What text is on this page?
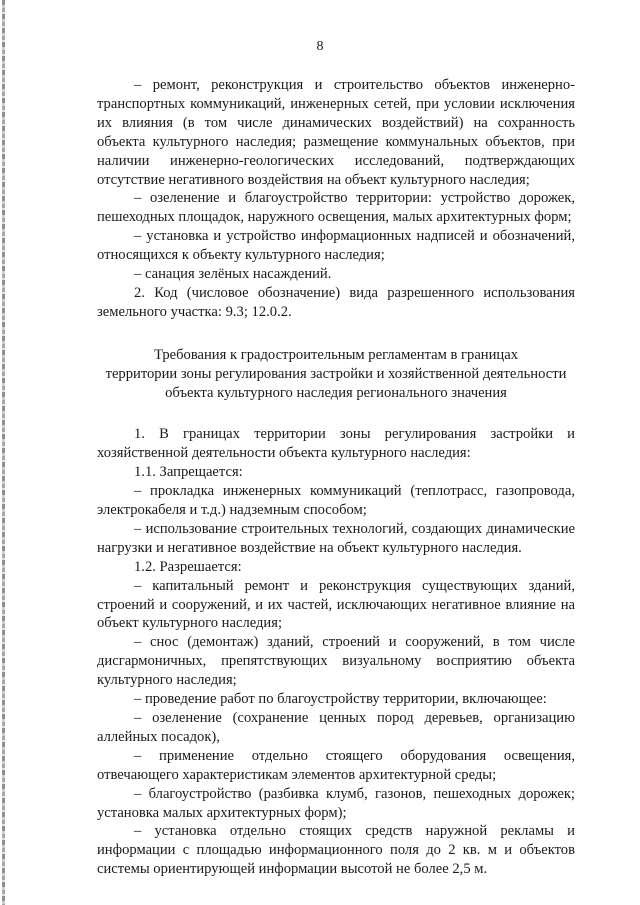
8

– ремонт, реконструкция и строительство объектов инженерно-транспортных коммуникаций, инженерных сетей, при условии исключения их влияния (в том числе динамических воздействий) на сохранность объекта культурного наследия; размещение коммунальных объектов, при наличии инженерно-геологических исследований, подтверждающих отсутствие негативного воздействия на объект культурного наследия;

– озеленение и благоустройство территории: устройство дорожек, пешеходных площадок, наружного освещения, малых архитектурных форм;

– установка и устройство информационных надписей и обозначений, относящихся к объекту культурного наследия;

– санация зелёных насаждений.

2. Код (числовое обозначение) вида разрешенного использования земельного участка: 9.3; 12.0.2.

Требования к градостроительным регламентам в границах
территории зоны регулирования застройки и хозяйственной деятельности
объекта культурного наследия регионального значения

1. В границах территории зоны регулирования застройки и хозяйственной деятельности объекта культурного наследия:

1.1. Запрещается:

– прокладка инженерных коммуникаций (теплотрасс, газопровода, электрокабеля и т.д.) надземным способом;

– использование строительных технологий, создающих динамические нагрузки и негативное воздействие на объект культурного наследия.

1.2. Разрешается:

– капитальный ремонт и реконструкция существующих зданий, строений и сооружений, и их частей, исключающих негативное влияние на объект культурного наследия;

– снос (демонтаж) зданий, строений и сооружений, в том числе дисгармоничных, препятствующих визуальному восприятию объекта культурного наследия;

– проведение работ по благоустройству территории, включающее:

– озеленение (сохранение ценных пород деревьев, организацию аллейных посадок),

– применение отдельно стоящего оборудования освещения, отвечающего характеристикам элементов архитектурной среды;

– благоустройство (разбивка клумб, газонов, пешеходных дорожек; установка малых архитектурных форм);

– установка отдельно стоящих средств наружной рекламы и информации с площадью информационного поля до 2 кв. м и объектов системы ориентирующей информации высотой не более 2,5 м.
